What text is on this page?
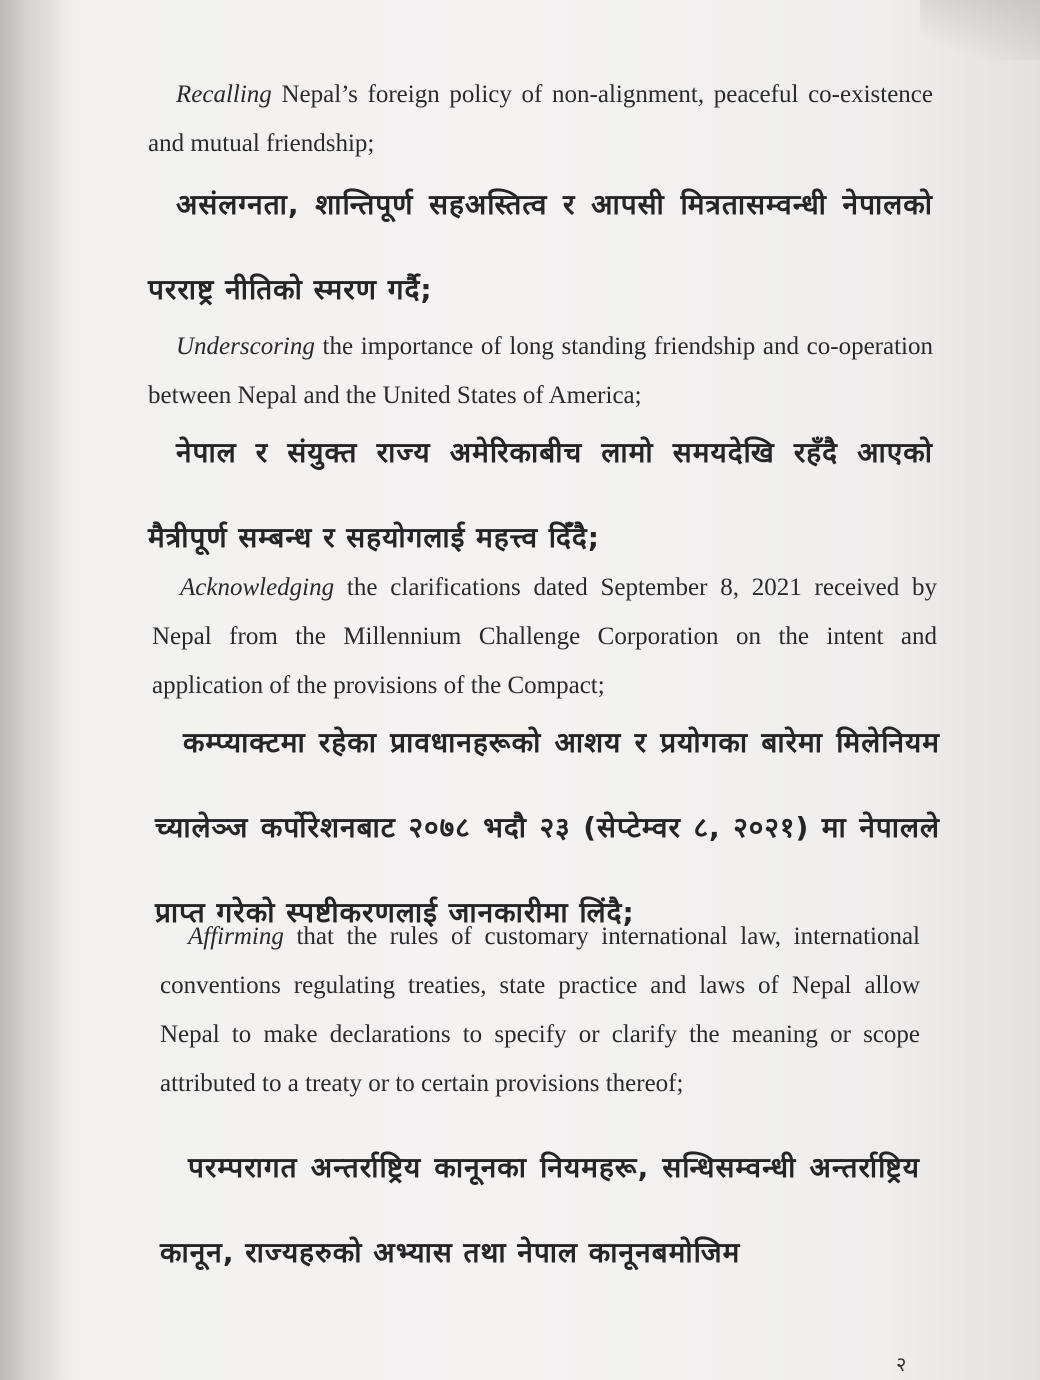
Recalling Nepal’s foreign policy of non-alignment, peaceful co-existence and mutual friendship;

असंलग्नता, शान्तिपूर्ण सहअस्तित्व र आपसी मित्रतासम्वन्धी नेपालको परराष्ट्र नीतिको स्मरण गर्दै;

Underscoring the importance of long standing friendship and co-operation between Nepal and the United States of America;

नेपाल र संयुक्त राज्य अमेरिकाबीच लामो समयदेखि रहँदै आएको मैत्रीपूर्ण सम्बन्ध र सहयोगलाई महत्त्व दिँदै;

Acknowledging the clarifications dated September 8, 2021 received by Nepal from the Millennium Challenge Corporation on the intent and application of the provisions of the Compact;

कम्प्याक्टमा रहेका प्रावधानहरूको आशय र प्रयोगका बारेमा मिलेनियम च्यालेञ्ज कर्पोरेशनबाट २०७८ भदौ २३ (सेप्टेम्वर ८, २०२१) मा नेपालले प्राप्त गरेको स्पष्टीकरणलाई जानकारीमा लिंदै;

Affirming that the rules of customary international law, international conventions regulating treaties, state practice and laws of Nepal allow Nepal to make declarations to specify or clarify the meaning or scope attributed to a treaty or to certain provisions thereof;

परम्परागत अन्तर्राष्ट्रिय कानूनका नियमहरू, सन्धिसम्वन्धी अन्तर्राष्ट्रिय कानून, राज्यहरुको अभ्यास तथा नेपाल कानूनबमोजिम

२
